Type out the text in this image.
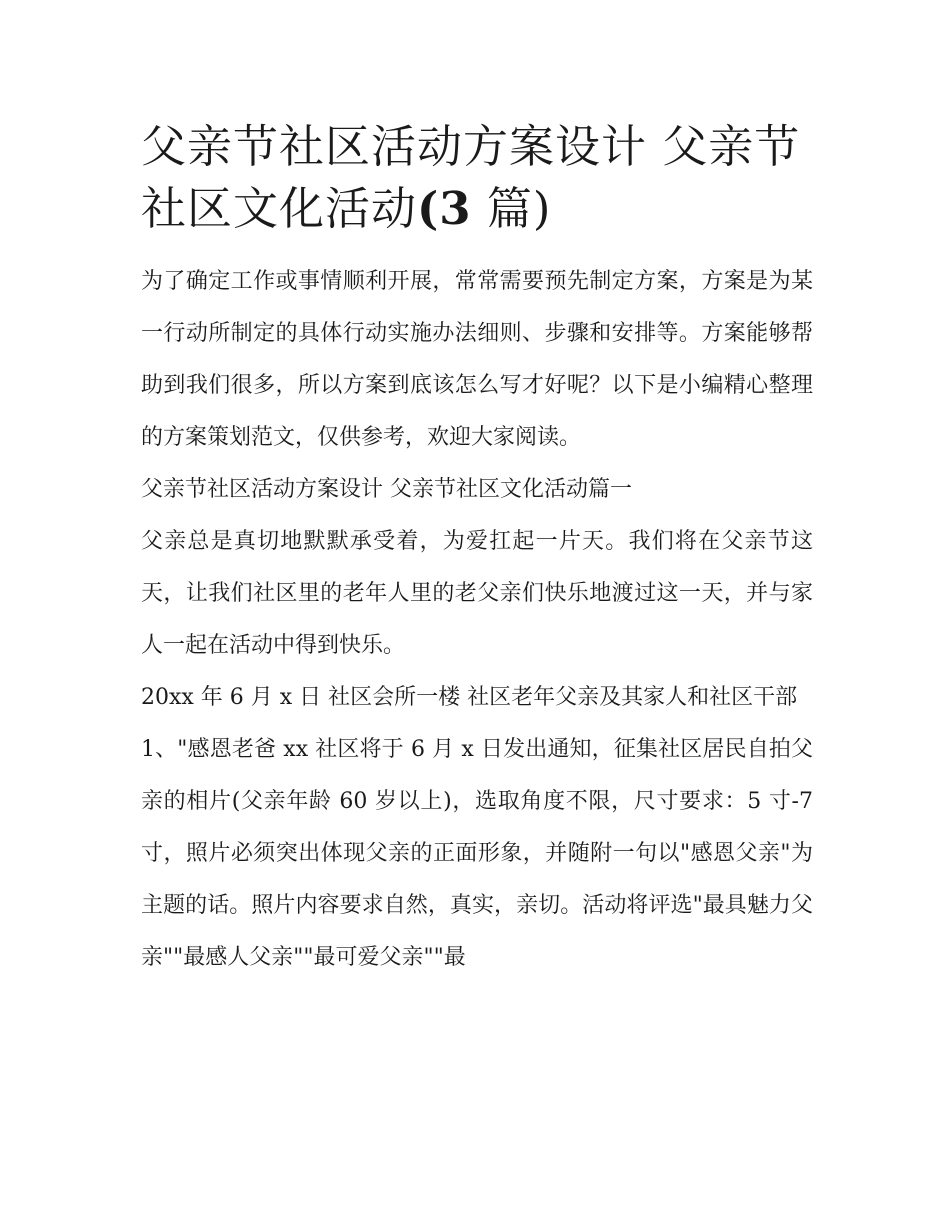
父亲节社区活动方案设计 父亲节社区文化活动(3 篇)

为了确定工作或事情顺利开展，常常需要预先制定方案，方案是为某一行动所制定的具体行动实施办法细则、步骤和安排等。方案能够帮助到我们很多，所以方案到底该怎么写才好呢？以下是小编精心整理的方案策划范文，仅供参考，欢迎大家阅读。

父亲节社区活动方案设计 父亲节社区文化活动篇一

父亲总是真切地默默承受着，为爱扛起一片天。我们将在父亲节这天，让我们社区里的老年人里的老父亲们快乐地渡过这一天，并与家人一起在活动中得到快乐。

20xx 年 6 月 x 日 社区会所一楼 社区老年父亲及其家人和社区干部

1、"感恩老爸 xx 社区将于 6 月 x 日发出通知，征集社区居民自拍父亲的相片(父亲年龄 60 岁以上)，选取角度不限，尺寸要求：5 寸-7 寸，照片必须突出体现父亲的正面形象，并随附一句以"感恩父亲"为主题的话。照片内容要求自然，真实，亲切。活动将评选"最具魅力父亲""最感人父亲""最可爱父亲""最
